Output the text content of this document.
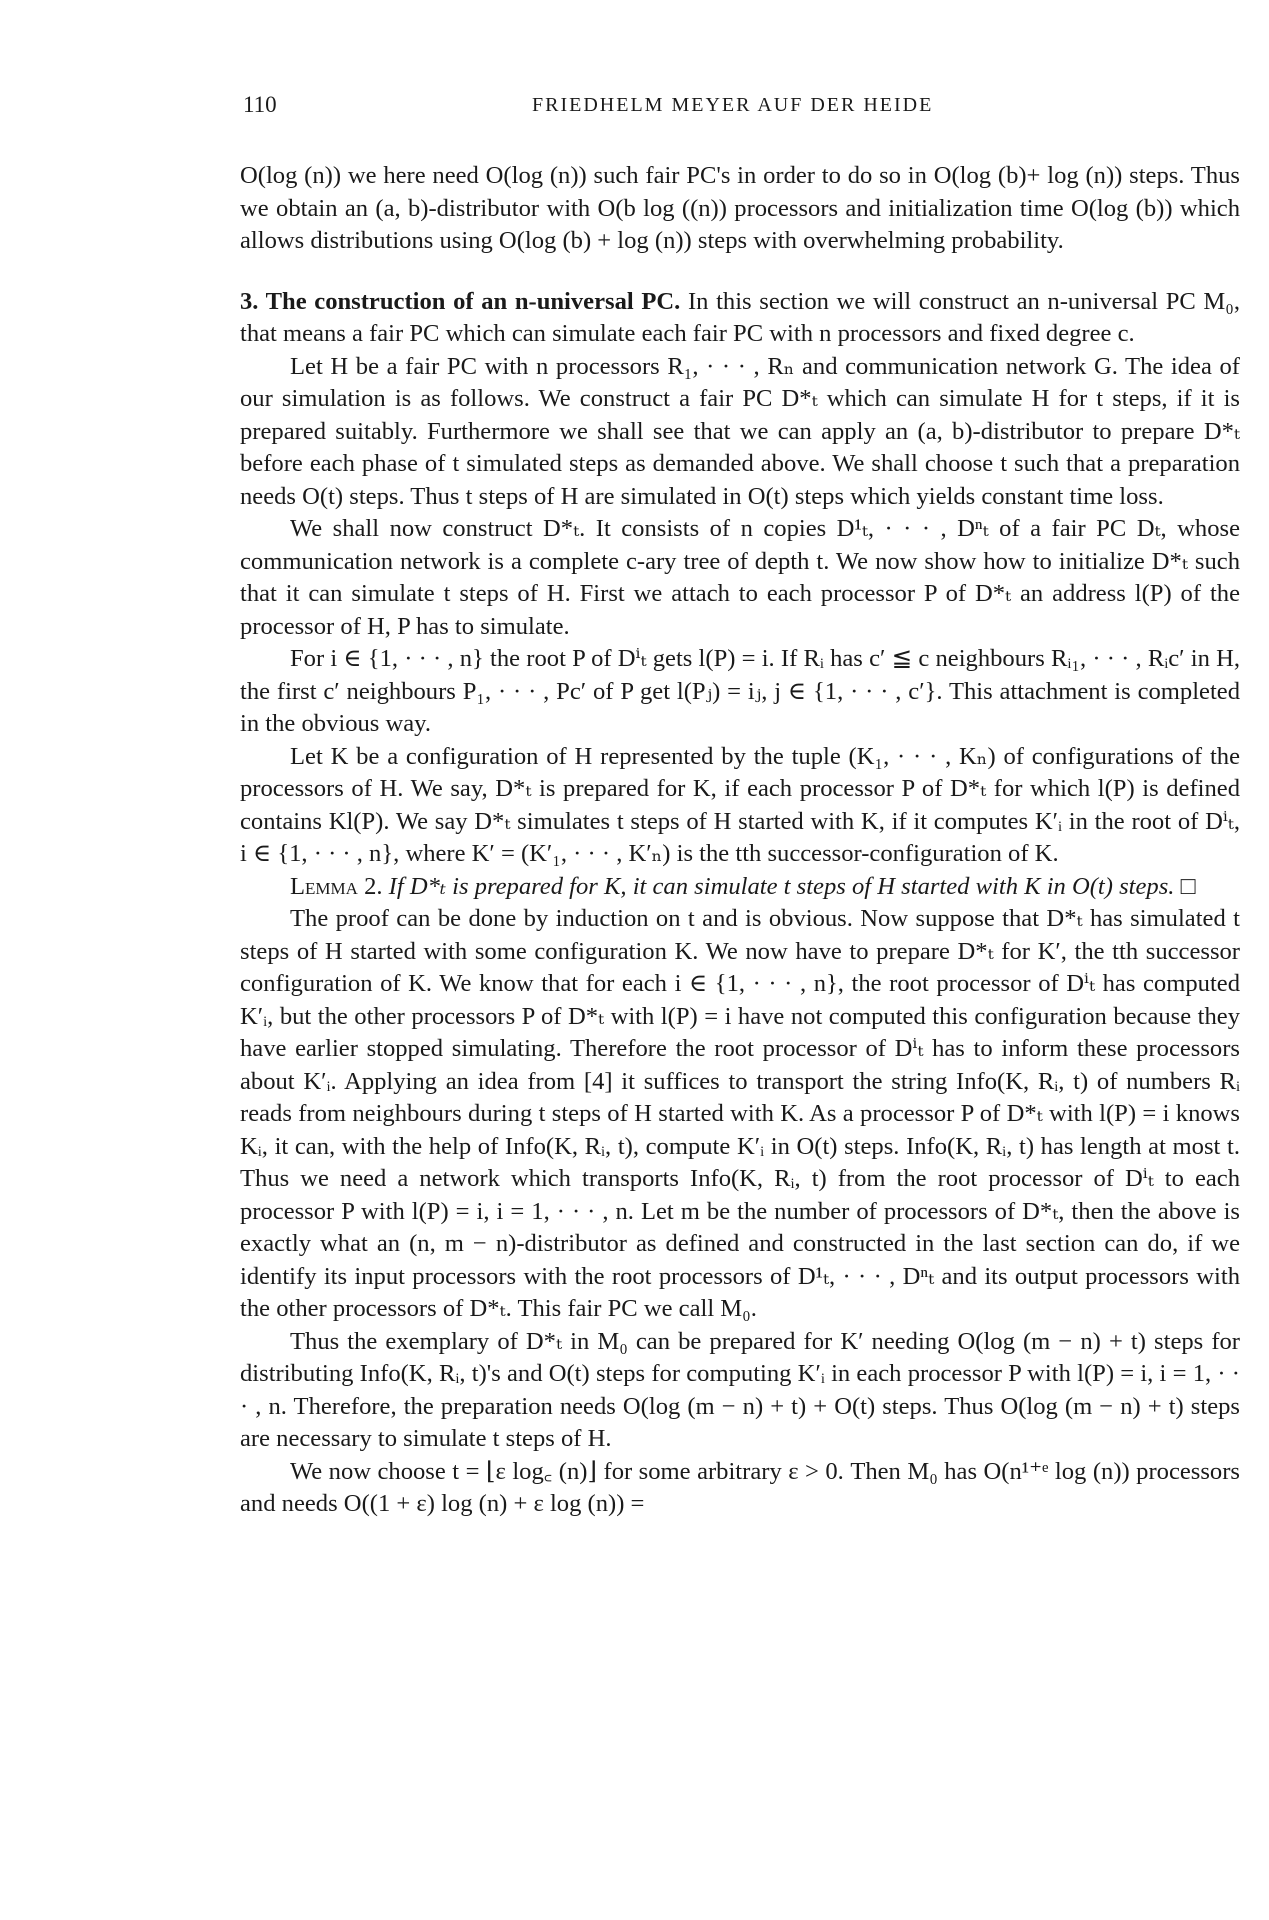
110	FRIEDHELM MEYER AUF DER HEIDE

O(log (n)) we here need O(log (n)) such fair PC's in order to do so in O(log (b)+ log (n)) steps. Thus we obtain an (a, b)-distributor with O(b log ((n)) processors and initialization time O(log (b)) which allows distributions using O(log (b) + log (n)) steps with overwhelming probability.

3. The construction of an n-universal PC. In this section we will construct an n-universal PC M₀, that means a fair PC which can simulate each fair PC with n processors and fixed degree c.

Let H be a fair PC with n processors R₁, · · · , Rₙ and communication network G. The idea of our simulation is as follows. We construct a fair PC D*ₜ which can simulate H for t steps, if it is prepared suitably. Furthermore we shall see that we can apply an (a, b)-distributor to prepare D*ₜ before each phase of t simulated steps as demanded above. We shall choose t such that a preparation needs O(t) steps. Thus t steps of H are simulated in O(t) steps which yields constant time loss.

We shall now construct D*ₜ. It consists of n copies D¹ₜ, · · · , Dⁿₜ of a fair PC Dₜ, whose communication network is a complete c-ary tree of depth t. We now show how to initialize D*ₜ such that it can simulate t steps of H. First we attach to each processor P of D*ₜ an address l(P) of the processor of H, P has to simulate.

For i ∈ {1, · · · , n} the root P of Dⁱₜ gets l(P) = i. If Rᵢ has c′ ≦ c neighbours Rᵢ₁, · · · , Rᵢc′ in H, the first c′ neighbours P₁, · · · , Pc′ of P get l(Pⱼ) = iⱼ, j ∈ {1, · · · , c′}. This attachment is completed in the obvious way.

Let K be a configuration of H represented by the tuple (K₁, · · · , Kₙ) of configurations of the processors of H. We say, D*ₜ is prepared for K, if each processor P of D*ₜ for which l(P) is defined contains Kl(P). We say D*ₜ simulates t steps of H started with K, if it computes K′ᵢ in the root of Dⁱₜ, i ∈ {1, · · · , n}, where K′ = (K′₁, · · · , K′ₙ) is the tth successor-configuration of K.

Lemma 2. If D*ₜ is prepared for K, it can simulate t steps of H started with K in O(t) steps. □

The proof can be done by induction on t and is obvious. Now suppose that D*ₜ has simulated t steps of H started with some configuration K. We now have to prepare D*ₜ for K′, the tth successor configuration of K. We know that for each i ∈ {1, · · · , n}, the root processor of Dⁱₜ has computed K′ᵢ, but the other processors P of D*ₜ with l(P) = i have not computed this configuration because they have earlier stopped simulating. Therefore the root processor of Dⁱₜ has to inform these processors about K′ᵢ. Applying an idea from [4] it suffices to transport the string Info(K, Rᵢ, t) of numbers Rᵢ reads from neighbours during t steps of H started with K. As a processor P of D*ₜ with l(P) = i knows Kᵢ, it can, with the help of Info(K, Rᵢ, t), compute K′ᵢ in O(t) steps. Info(K, Rᵢ, t) has length at most t. Thus we need a network which transports Info(K, Rᵢ, t) from the root processor of Dⁱₜ to each processor P with l(P) = i, i = 1, · · · , n. Let m be the number of processors of D*ₜ, then the above is exactly what an (n, m − n)-distributor as defined and constructed in the last section can do, if we identify its input processors with the root processors of D¹ₜ, · · · , Dⁿₜ and its output processors with the other processors of D*ₜ. This fair PC we call M₀.

Thus the exemplary of D*ₜ in M₀ can be prepared for K′ needing O(log (m − n) + t) steps for distributing Info(K, Rᵢ, t)'s and O(t) steps for computing K′ᵢ in each processor P with l(P) = i, i = 1, · · · , n. Therefore, the preparation needs O(log (m − n) + t) + O(t) steps. Thus O(log (m − n) + t) steps are necessary to simulate t steps of H.

We now choose t = ⌊ε log꜀ (n)⌋ for some arbitrary ε > 0. Then M₀ has O(n¹⁺ᵉ log (n)) processors and needs O((1 + ε) log (n) + ε log (n)) =
